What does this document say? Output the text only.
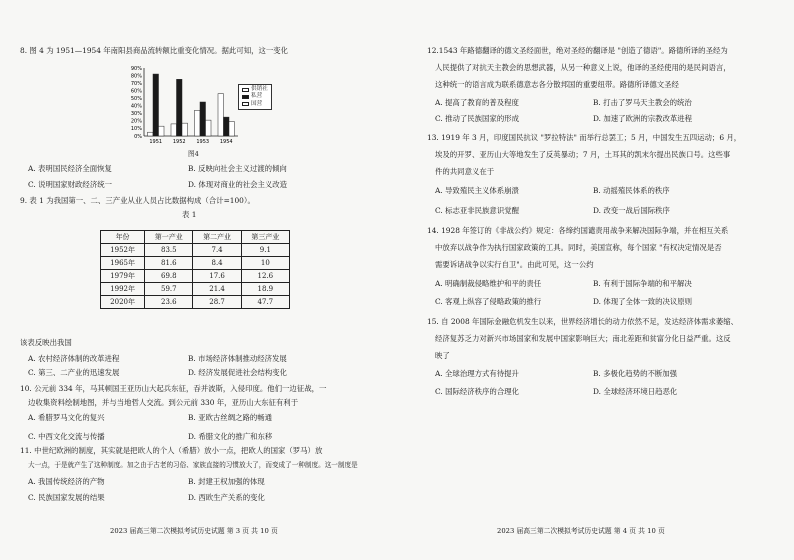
8. 图 4 为 1951—1954 年南阳县商品流转额比重变化情况。据此可知，这一变化
0%
10%
20%
30%
40%
50%
60%
70%
80%
90%
1951 1952 1953 1954
供销社
私营
国营
图4
A. 表明国民经济全面恢复	B. 反映向社会主义过渡的倾向
C. 说明国家财政经济统一	D. 体现对商业的社会主义改造
9. 表 1 为我国第一、二、三产业从业人员占比数据构成（合计=100）。
表 1
年份	第一产业	第二产业	第三产业
1952年	83.5	7.4	9.1
1965年	81.6	8.4	10
1979年	69.8	17.6	12.6
1992年	59.7	21.4	18.9
2020年	23.6	28.7	47.7
该表反映出我国
A. 农村经济体制的改革进程	B. 市场经济体制推动经济发展
C. 第三、二产业的迅速发展	D. 经济发展促进社会结构变化
10. 公元前 334 年，马其顿国王亚历山大起兵东征，吞并波斯，入侵印度。他们一边征战，一
边收集资料绘制地图，并与当地哲人交流。到公元前 330 年，亚历山大东征有利于
A. 希腊罗马文化的复兴	B. 亚欧古丝绸之路的畅通
C. 中西文化交流与传播	D. 希腊文化的推广和东移
11. 中世纪欧洲的制度，其实就是把欧人的个人（希腊）放小一点，把欧人的国家（罗马）放
大一点，于是就产生了这种制度。加之由于古老的习俗、家族直接的习惯放大了，而变成了一种制度。这一制度是
A. 我国传统经济的产物	B. 封建王权加强的体现
C. 民族国家发展的结果	D. 西欧生产关系的变化
2023 届高三第二次模拟考试历史试题 第 3 页 共 10 页
12.1543 年路德翻译的德文圣经面世，绝对圣经的翻译是 "创造了德语"。路德所译的圣经为
人民提供了对抗天主教会的思想武器，从另一种意义上说，他译的圣经使用的是民间语言，
这种统一的语言成为联系德意志各分散邦国的重要纽带。路德所译德文圣经
A. 提高了教育的普及程度	B. 打击了罗马天主教会的统治
C. 推动了民族国家的形成	D. 加速了欧洲的宗教改革进程
13. 1919 年 3 月，印度国民抗议 "罗拉特法" 而举行总罢工；5 月，中国发生五四运动；6 月，
埃及的开罗、亚历山大等地发生了反英暴动；7 月，土耳其的凯末尔提出民族口号。这些事
件的共同意义在于
A. 导致殖民主义体系崩溃	B. 动摇殖民体系的秩序
C. 标志亚非民族意识觉醒	D. 改变一战后国际秩序
14. 1928 年签订的《非战公约》规定：各缔约国谴责用战争来解决国际争端，并在相互关系
中放弃以战争作为执行国家政策的工具。同时，美国宣称，每个国家 "有权决定情况是否
需要诉诸战争以实行自卫"。由此可见，这一公约
A. 明确制裁侵略维护和平的责任	B. 有利于国际争端的和平解决
C. 客观上纵容了侵略政策的推行	D. 体现了全体一致的决议原则
15. 自 2008 年国际金融危机发生以来，世界经济增长的动力依然不足，发达经济体需求萎缩、
经济复苏乏力对新兴市场国家和发展中国家影响巨大；南北差距和贫富分化日益严重。这反
映了
A. 全球治理方式有待提升	B. 多极化趋势的不断加强
C. 国际经济秩序的合理化	D. 全球经济环境日趋恶化
2023 届高三第二次模拟考试历史试题 第 4 页 共 10 页
